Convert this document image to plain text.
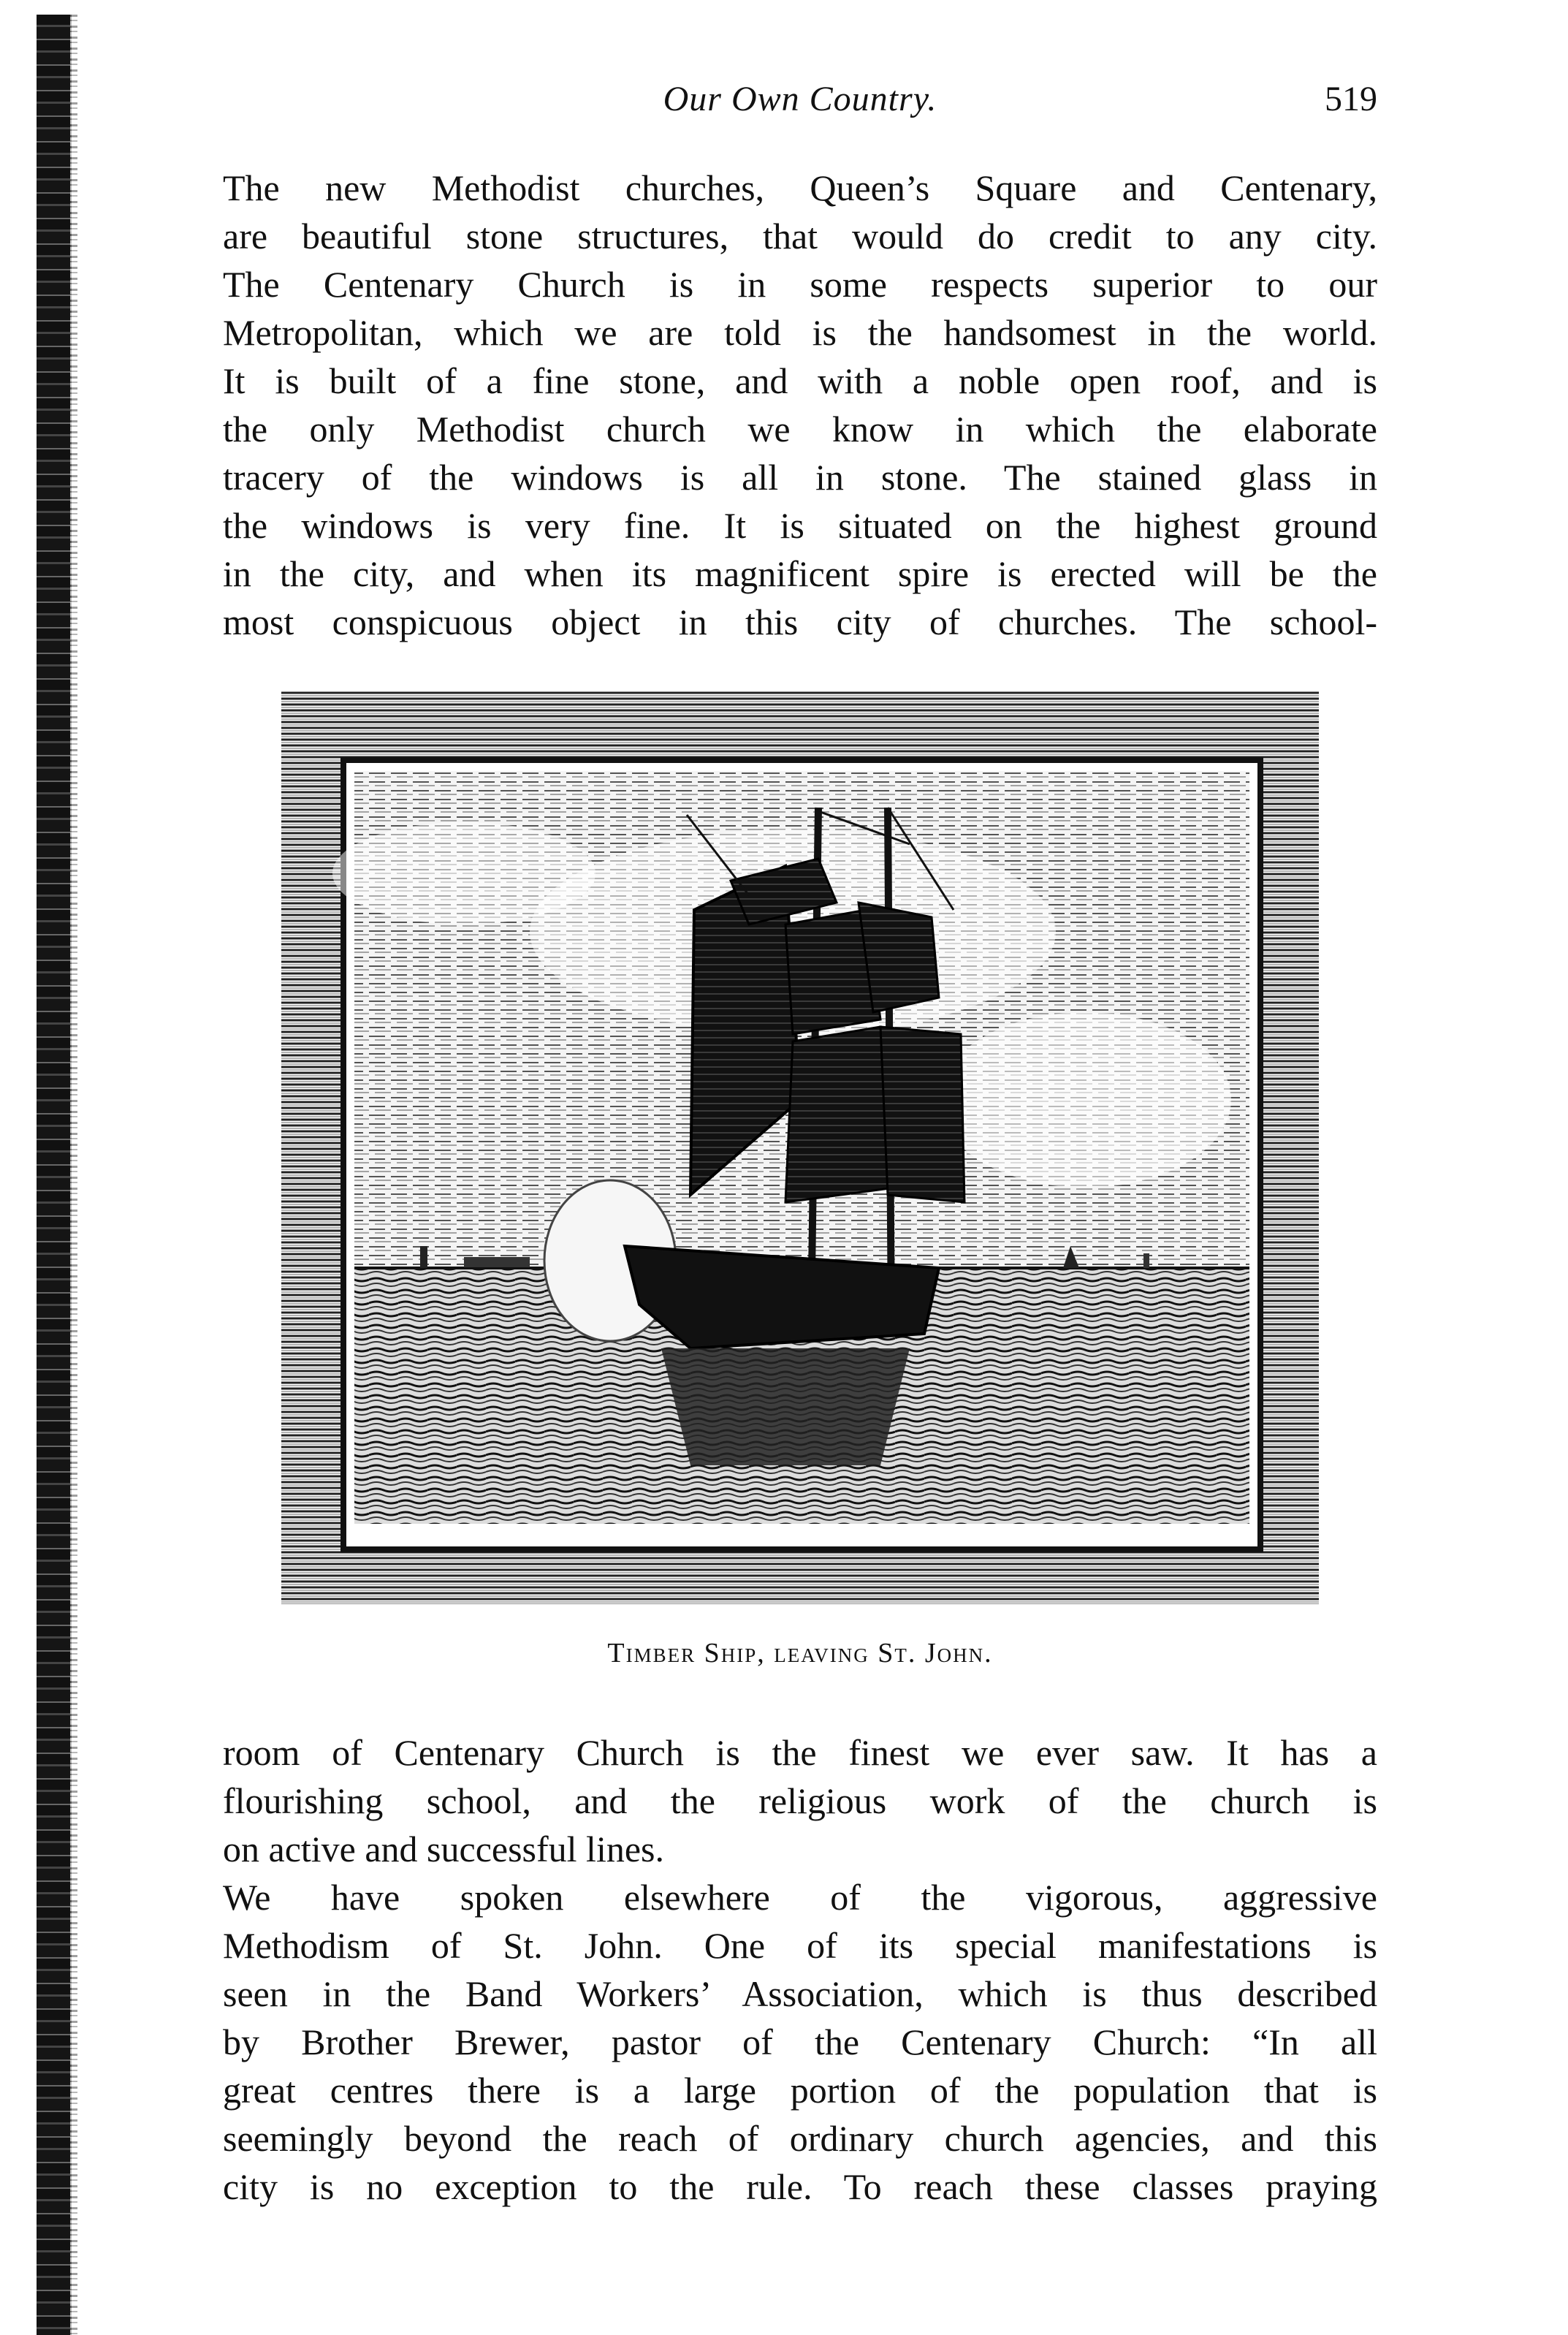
Our Own Country.	519
The new Methodist churches, Queen’s Square and Centenary,
are beautiful stone structures, that would do credit to any city.
The Centenary Church is in some respects superior to our
Metropolitan, which we are told is the handsomest in the world.
It is built of a fine stone, and with a noble open roof, and is
the only Methodist church we know in which the elaborate
tracery of the windows is all in stone. The stained glass in
the windows is very fine. It is situated on the highest ground
in the city, and when its magnificent spire is erected will be the
most conspicuous object in this city of churches. The school-
Timber Ship, leaving St. John.
room of Centenary Church is the finest we ever saw. It has a
flourishing school, and the religious work of the church is
on active and successful lines.
We have spoken elsewhere of the vigorous, aggressive
Methodism of St. John. One of its special manifestations is
seen in the Band Workers’ Association, which is thus described
by Brother Brewer, pastor of the Centenary Church: “In all
great centres there is a large portion of the population that is
seemingly beyond the reach of ordinary church agencies, and this
city is no exception to the rule. To reach these classes praying
